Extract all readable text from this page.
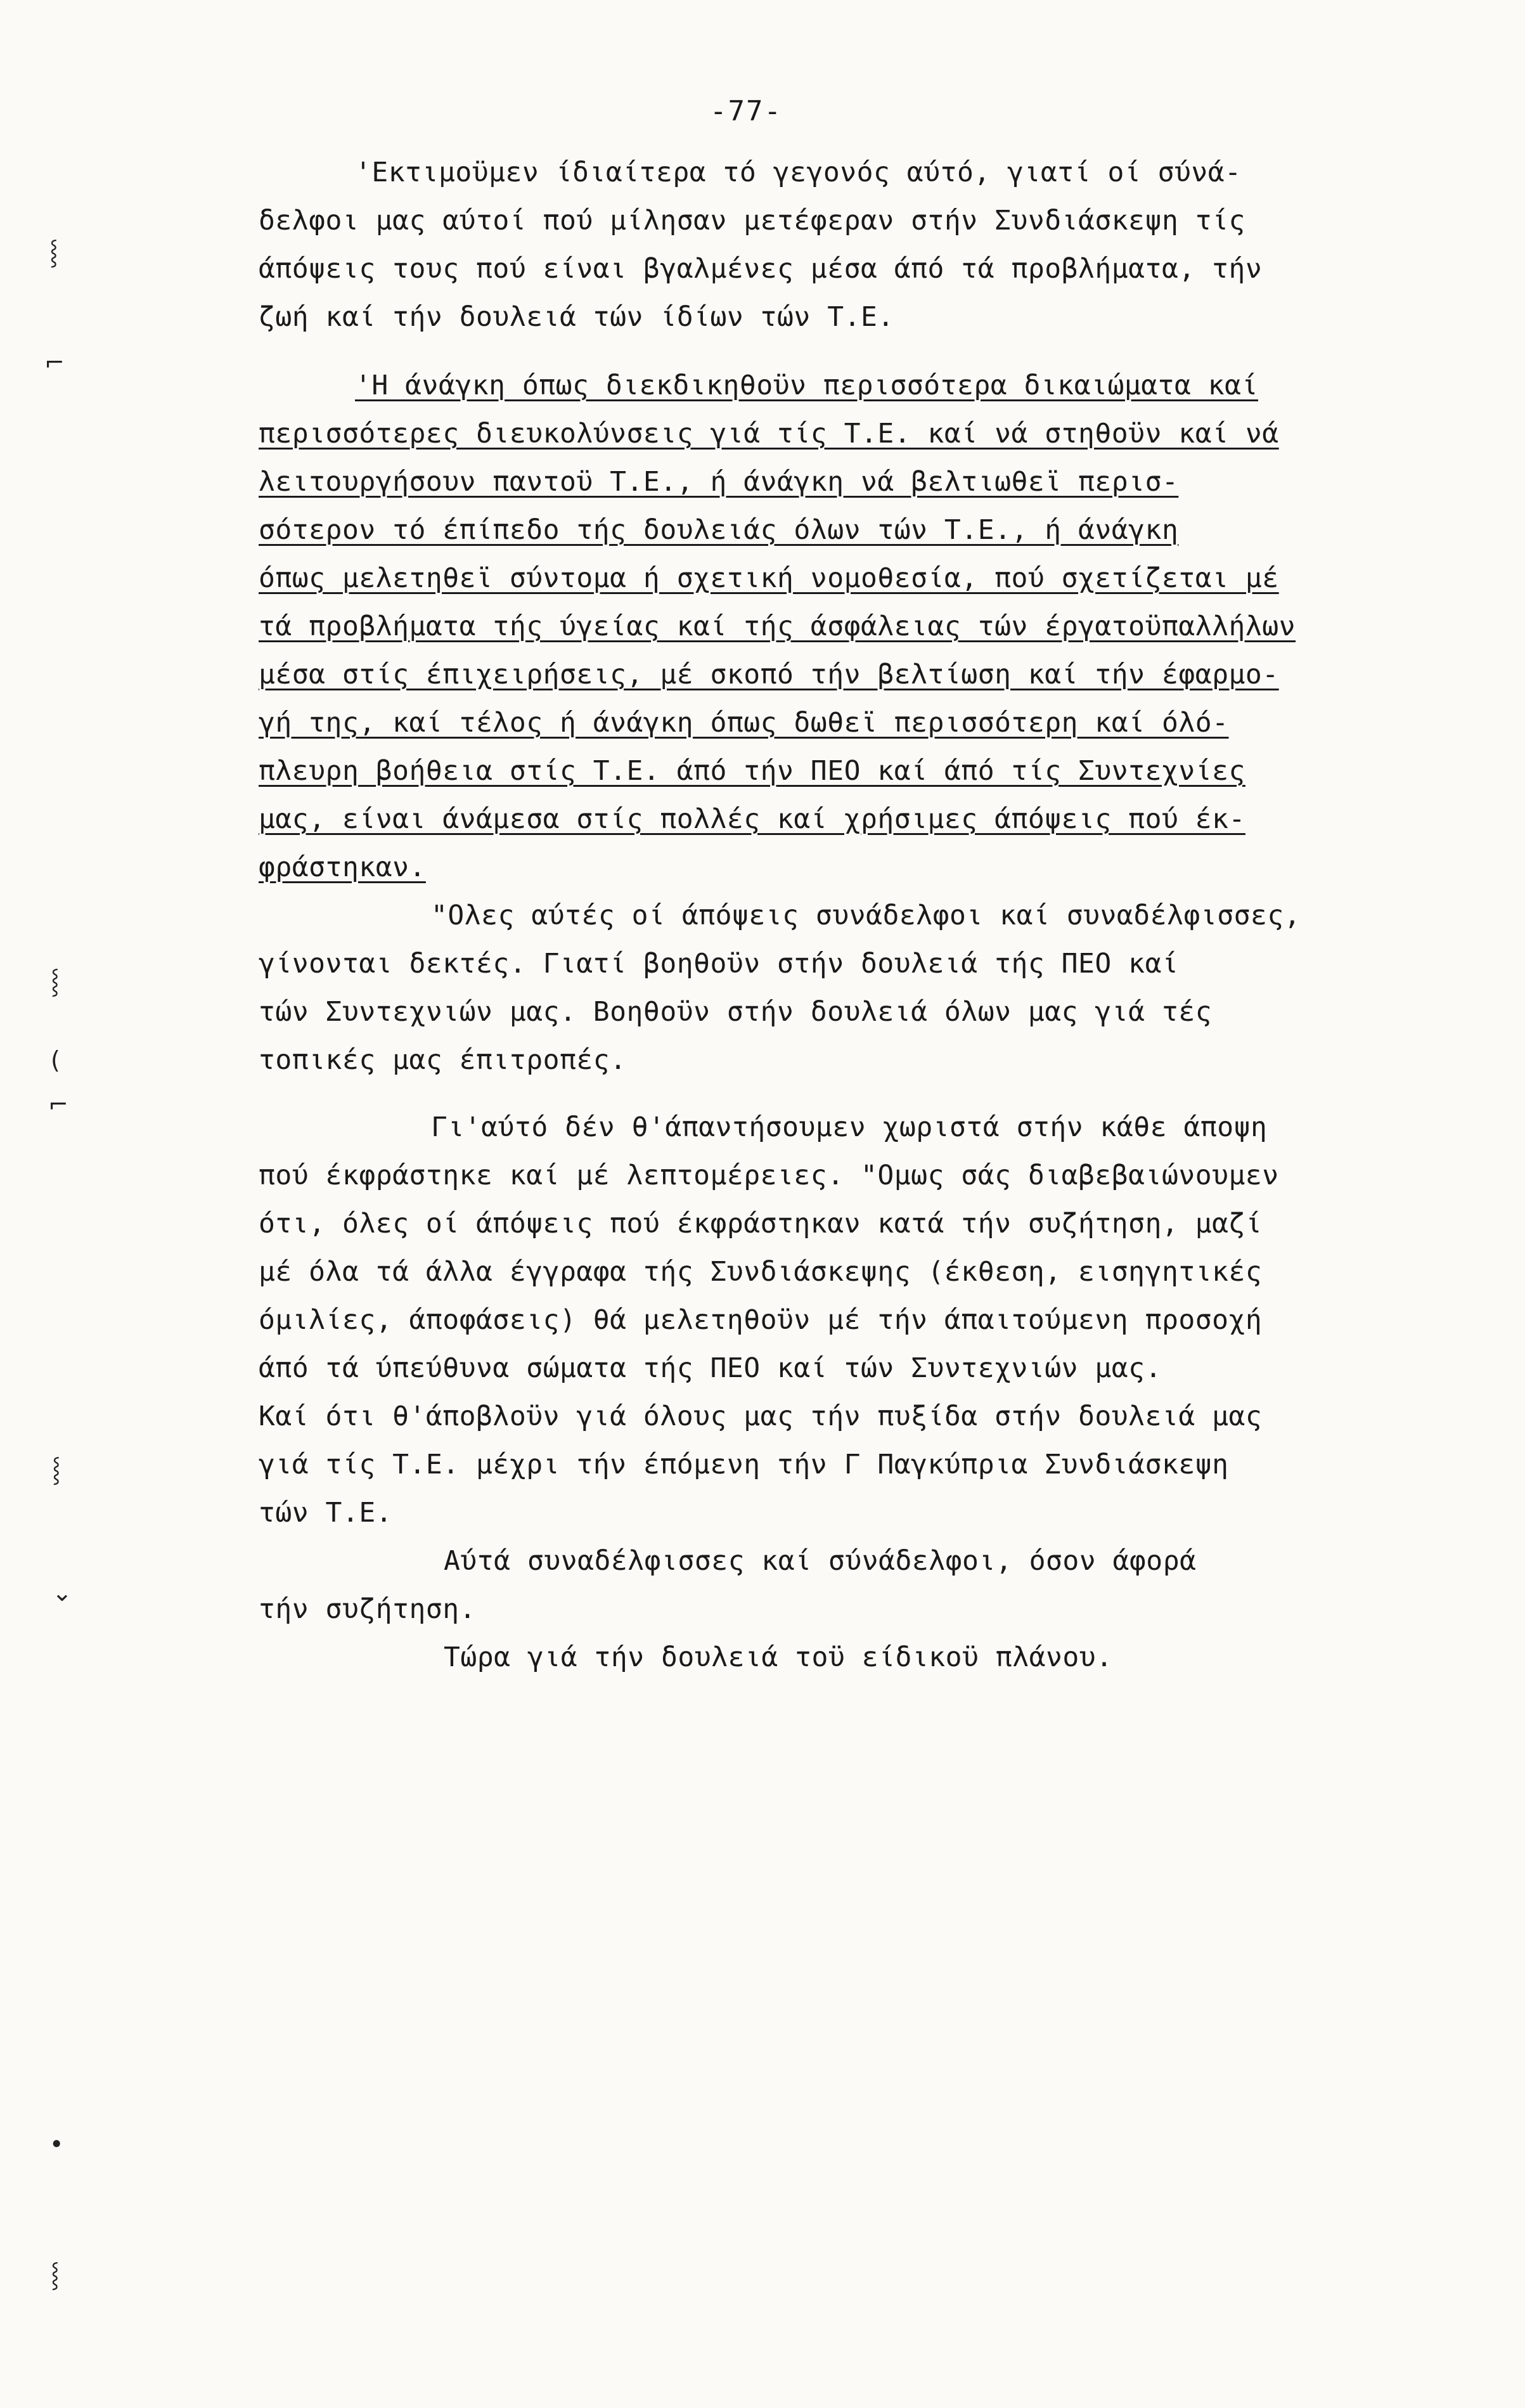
-77-
'Εκτιμοϋμεν ίδιαίτερα τό γεγονός αύτό, γιατί οί σύνά-
δελφοι μας αύτοί πού μίλησαν μετέφεραν στήν Συνδιάσκεψη τίς
άπόψεις τους πού είναι βγαλμένες μέσα άπό τά προβλήματα, τήν
ζωή καί τήν δουλειά τών ίδίων τών Τ.Ε.
'Η άνάγκη όπως διεκδικηθοϋν περισσότερα δικαιώματα καί
περισσότερες διευκολύνσεις γιά τίς Τ.Ε. καί νά στηθοϋν καί νά
λειτουργήσουν παντοϋ Τ.Ε., ή άνάγκη νά βελτιωθεϊ περισ-
σότερον τό έπίπεδο τής δουλειάς όλων τών Τ.Ε., ή άνάγκη
όπως μελετηθεϊ σύντομα ή σχετική νομοθεσία, πού σχετίζεται μέ
τά προβλήματα τής ύγείας καί τής άσφάλειας τών έργατοϋπαλλήλων
μέσα στίς έπιχειρήσεις, μέ σκοπό τήν βελτίωση καί τήν έφαρμο-
γή της, καί τέλος ή άνάγκη όπως δωθεϊ περισσότερη καί όλό-
πλευρη βοήθεια στίς Τ.Ε. άπό τήν ΠΕΟ καί άπό τίς Συντεχνίες
μας, είναι άνάμεσα στίς πολλές καί χρήσιμες άπόψεις πού έκ-
φράστηκαν.
"Ολες αύτές οί άπόψεις συνάδελφοι καί συναδέλφισσες,
γίνονται δεκτές. Γιατί βοηθοϋν στήν δουλειά τής ΠΕΟ καί
τών Συντεχνιών μας. Βοηθοϋν στήν δουλειά όλων μας γιά τές
τοπικές μας έπιτροπές.
Γι'αύτό δέν θ'άπαντήσουμεν χωριστά στήν κάθε άποψη
πού έκφράστηκε καί μέ λεπτομέρειες. "Ομως σάς διαβεβαιώνουμεν
ότι, όλες οί άπόψεις πού έκφράστηκαν κατά τήν συζήτηση, μαζί
μέ όλα τά άλλα έγγραφα τής Συνδιάσκεψης (έκθεση, εισηγητικές
όμιλίες, άποφάσεις) θά μελετηθοϋν μέ τήν άπαιτούμενη προσοχή
άπό τά ύπεύθυνα σώματα τής ΠΕΟ καί τών Συντεχνιών μας.
Καί ότι θ'άποβλοϋν γιά όλους μας τήν πυξίδα στήν δουλειά μας
γιά τίς Τ.Ε. μέχρι τήν έπόμενη τήν Γ Παγκύπρια Συνδιάσκεψη
τών Τ.Ε.
Αύτά συναδέλφισσες καί σύνάδελφοι, όσον άφορά
τήν συζήτηση.
Τώρα γιά τήν δουλειά τοϋ είδικοϋ πλάνου.
⸾
⌐
⸾
(
⌐
⸾
⌄
•
⸾
